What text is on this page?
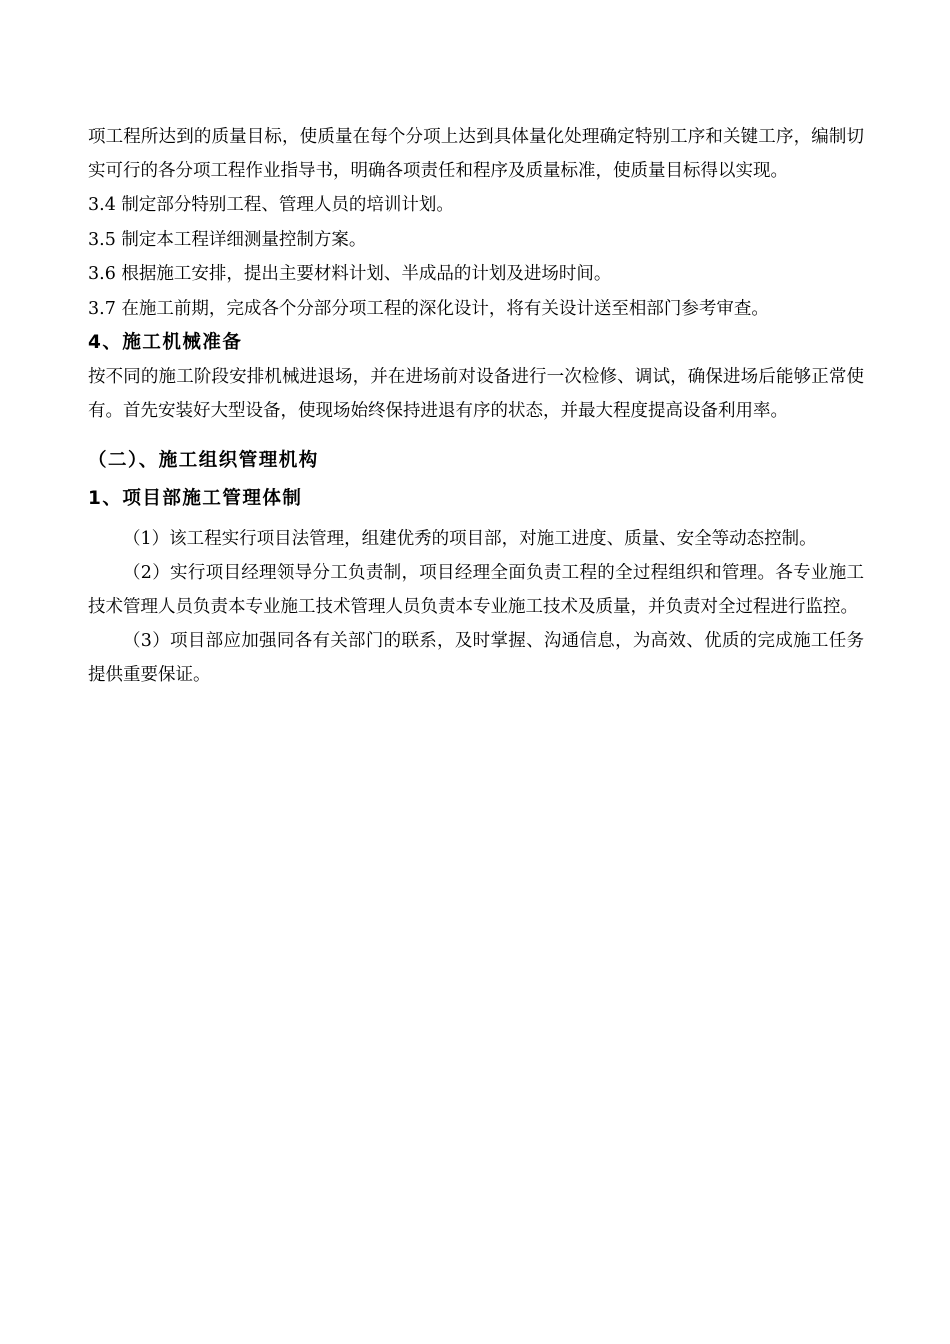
项工程所达到的质量目标，使质量在每个分项上达到具体量化处理确定特别工序和关键工序，编制切实可行的各分项工程作业指导书，明确各项责任和程序及质量标准，使质量目标得以实现。

3.4 制定部分特别工程、管理人员的培训计划。

3.5 制定本工程详细测量控制方案。

3.6 根据施工安排，提出主要材料计划、半成品的计划及进场时间。

3.7 在施工前期，完成各个分部分项工程的深化设计，将有关设计送至相部门参考审查。

4、施工机械准备

按不同的施工阶段安排机械进退场，并在进场前对设备进行一次检修、调试，确保进场后能够正常使有。首先安装好大型设备，使现场始终保持进退有序的状态，并最大程度提高设备利用率。

（二）、施工组织管理机构
1、项目部施工管理体制

（1）该工程实行项目法管理，组建优秀的项目部，对施工进度、质量、安全等动态控制。

（2）实行项目经理领导分工负责制，项目经理全面负责工程的全过程组织和管理。各专业施工技术管理人员负责本专业施工技术管理人员负责本专业施工技术及质量，并负责对全过程进行监控。

（3）项目部应加强同各有关部门的联系，及时掌握、沟通信息，为高效、优质的完成施工任务提供重要保证。
